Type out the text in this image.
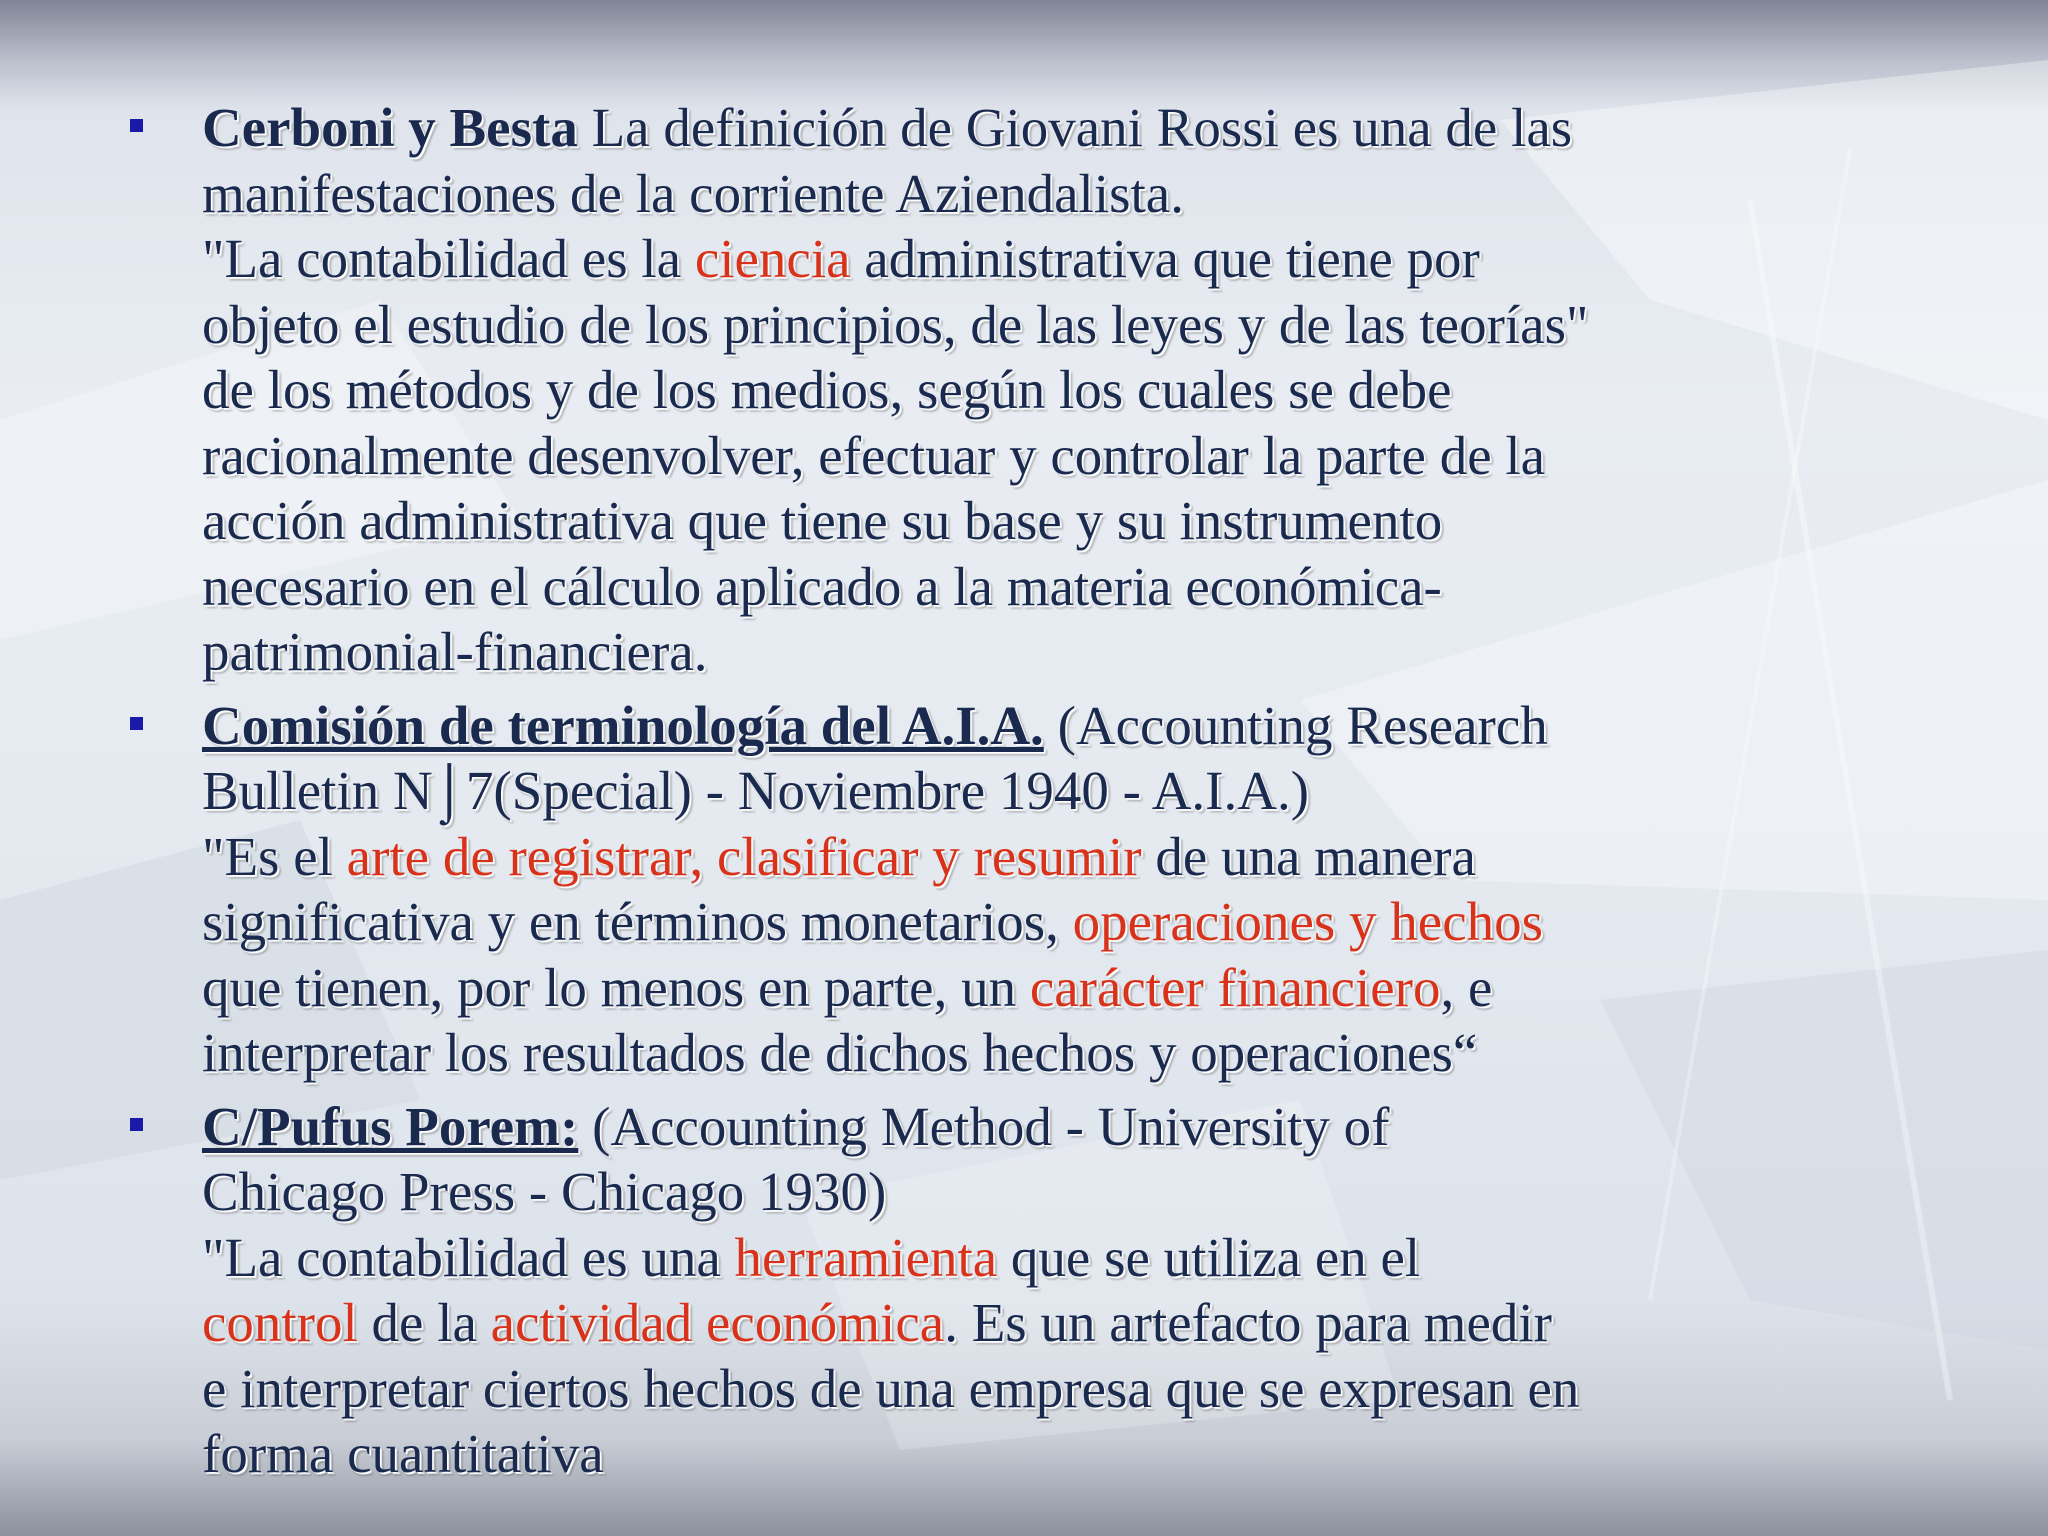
Cerboni y Besta La definición de Giovani Rossi es una de las
manifestaciones de la corriente Aziendalista.
"La contabilidad es la ciencia administrativa que tiene por
objeto el estudio de los principios, de las leyes y de las teorías"
de los métodos y de los medios, según los cuales se debe
racionalmente desenvolver, efectuar y controlar la parte de la
acción administrativa que tiene su base y su instrumento
necesario en el cálculo aplicado a la materia económica-
patrimonial-financiera.
Comisión de terminología del A.I.A. (Accounting Research
Bulletin N⌡7(Special) - Noviembre 1940 - A.I.A.)
"Es el arte de registrar, clasificar y resumir de una manera
significativa y en términos monetarios, operaciones y hechos
que tienen, por lo menos en parte, un carácter financiero, e
interpretar los resultados de dichos hechos y operaciones“
C/Pufus Porem: (Accounting Method - University of
Chicago Press - Chicago 1930)
"La contabilidad es una herramienta que se utiliza en el
control de la actividad económica. Es un artefacto para medir
e interpretar ciertos hechos de una empresa que se expresan en
forma cuantitativa
